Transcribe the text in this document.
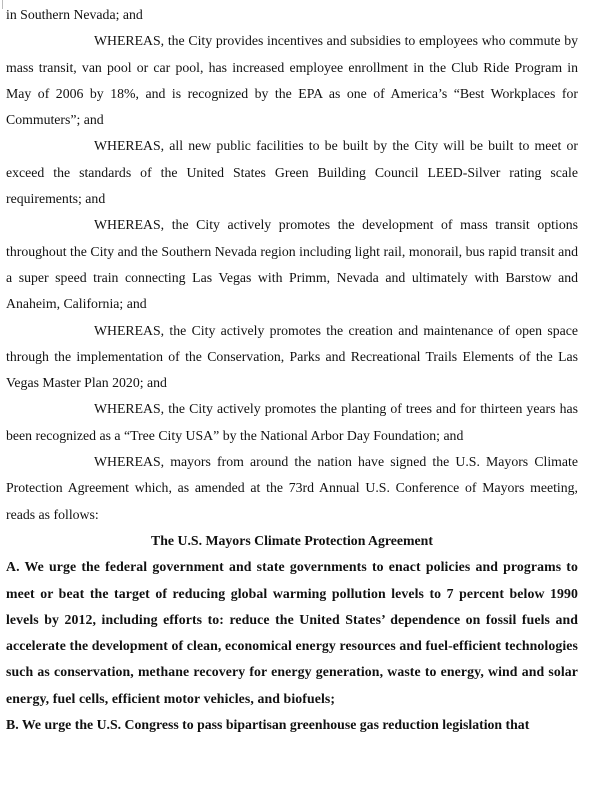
in Southern Nevada; and

WHEREAS, the City provides incentives and subsidies to employees who commute by mass transit, van pool or car pool, has increased employee enrollment in the Club Ride Program in May of 2006 by 18%, and is recognized by the EPA as one of America’s “Best Workplaces for Commuters”; and

WHEREAS, all new public facilities to be built by the City will be built to meet or exceed the standards of the United States Green Building Council LEED-Silver rating scale requirements; and

WHEREAS, the City actively promotes the development of mass transit options throughout the City and the Southern Nevada region including light rail, monorail, bus rapid transit and a super speed train connecting Las Vegas with Primm, Nevada and ultimately with Barstow and Anaheim, California; and

WHEREAS, the City actively promotes the creation and maintenance of open space through the implementation of the Conservation, Parks and Recreational Trails Elements of the Las Vegas Master Plan 2020; and

WHEREAS, the City actively promotes the planting of trees and for thirteen years has been recognized as a “Tree City USA” by the National Arbor Day Foundation; and

WHEREAS, mayors from around the nation have signed the U.S. Mayors Climate Protection Agreement which, as amended at the 73rd Annual U.S. Conference of Mayors meeting, reads as follows:

The U.S. Mayors Climate Protection Agreement

A. We urge the federal government and state governments to enact policies and programs to meet or beat the target of reducing global warming pollution levels to 7 percent below 1990 levels by 2012, including efforts to: reduce the United States’ dependence on fossil fuels and accelerate the development of clean, economical energy resources and fuel-efficient technologies such as conservation, methane recovery for energy generation, waste to energy, wind and solar energy, fuel cells, efficient motor vehicles, and biofuels;

B. We urge the U.S. Congress to pass bipartisan greenhouse gas reduction legislation that
